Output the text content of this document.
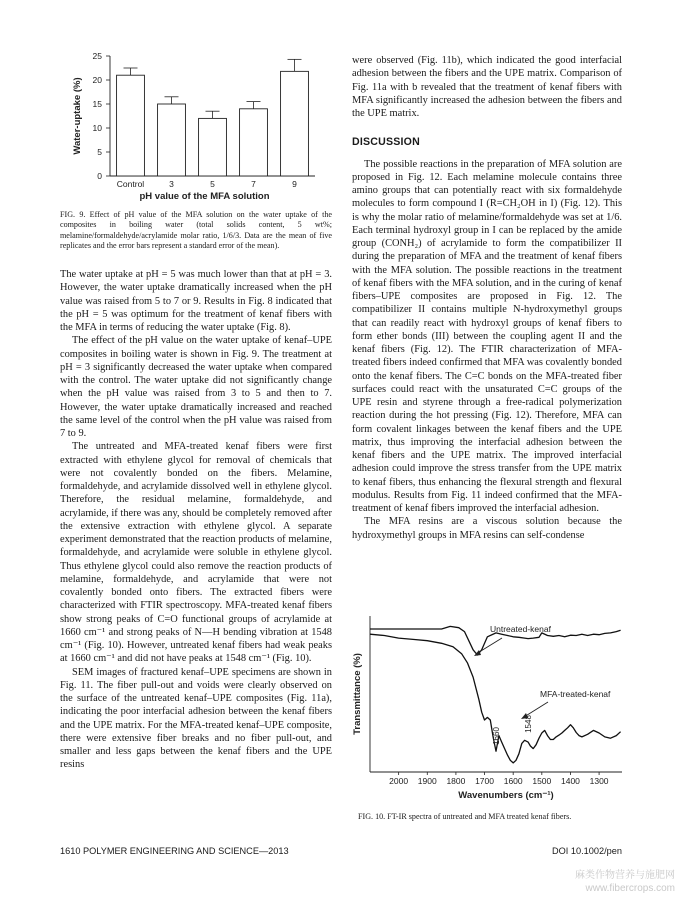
0
5
10
15
20
25
Water-uptake (%)
Control	3	5	7	9
pH value of the MFA solution
FIG. 9. Effect of pH value of the MFA solution on the water uptake of the composites in boiling water (total solids content, 5 wt%; melamine/formaldehyde/acrylamide molar ratio, 1/6/3. Data are the mean of five replicates and the error bars represent a standard error of the mean).

The water uptake at pH = 5 was much lower than that at pH = 3. However, the water uptake dramatically increased when the pH value was raised from 5 to 7 or 9. Results in Fig. 8 indicated that the pH = 5 was optimum for the treatment of kenaf fibers with the MFA in terms of reducing the water uptake (Fig. 8).

The effect of the pH value on the water uptake of kenaf–UPE composites in boiling water is shown in Fig. 9. The treatment at pH = 3 significantly decreased the water uptake when compared with the control. The water uptake did not significantly change when the pH value was raised from 3 to 5 and then to 7. However, the water uptake dramatically increased and reached the same level of the control when the pH value was raised from 7 to 9.

The untreated and MFA-treated kenaf fibers were first extracted with ethylene glycol for removal of chemicals that were not covalently bonded on the fibers. Melamine, formaldehyde, and acrylamide dissolved well in ethylene glycol. Therefore, the residual melamine, formaldehyde, and acrylamide, if there was any, should be completely removed after the extensive extraction with ethylene glycol. A separate experiment demonstrated that the reaction products of melamine, formaldehyde, and acrylamide were soluble in ethylene glycol. Thus ethylene glycol could also remove the reaction products of melamine, formaldehyde, and acrylamide that were not covalently bonded onto fibers. The extracted fibers were characterized with FTIR spectroscopy. MFA-treated kenaf fibers show strong peaks of C=O functional groups of acrylamide at 1660 cm⁻¹ and strong peaks of N—H bending vibration at 1548 cm⁻¹ (Fig. 10). However, untreated kenaf fibers had weak peaks at 1660 cm⁻¹ and did not have peaks at 1548 cm⁻¹ (Fig. 10).

SEM images of fractured kenaf–UPE specimens are shown in Fig. 11. The fiber pull-out and voids were clearly observed on the surface of the untreated kenaf–UPE composites (Fig. 11a), indicating the poor interfacial adhesion between the kenaf fibers and the UPE matrix. For the MFA-treated kenaf–UPE composite, there were extensive fiber breaks and no fiber pull-out, and smaller and less gaps between the kenaf fibers and the UPE resins

were observed (Fig. 11b), which indicated the good interfacial adhesion between the fibers and the UPE matrix. Comparison of Fig. 11a with b revealed that the treatment of kenaf fibers with MFA significantly increased the adhesion between the fibers and the UPE matrix.

DISCUSSION

The possible reactions in the preparation of MFA solution are proposed in Fig. 12. Each melamine molecule contains three amino groups that can potentially react with six formaldehyde molecules to form compound I (R=CH₂OH in I) (Fig. 12). This is why the molar ratio of melamine/formaldehyde was set at 1/6. Each terminal hydroxyl group in I can be replaced by the amide group (CONH₂) of acrylamide to form the compatibilizer II during the preparation of MFA and the treatment of kenaf fibers with the MFA solution. The possible reactions in the treatment of kenaf fibers with the MFA solution, and in the curing of kenaf fibers–UPE composites are proposed in Fig. 12. The compatibilizer II contains multiple N-hydroxymethyl groups that can readily react with hydroxyl groups of kenaf fibers to form ether bonds (III) between the coupling agent II and the kenaf fibers (Fig. 12). The FTIR characterization of MFA-treated fibers indeed confirmed that MFA was covalently bonded onto the kenaf fibers. The C=C bonds on the MFA-treated fiber surfaces could react with the unsaturated C=C groups of the UPE resin and styrene through a free-radical polymerization reaction during the hot pressing (Fig. 12). Therefore, MFA can form covalent linkages between the kenaf fibers and the UPE matrix, thus improving the interfacial adhesion between the kenaf fibers and the UPE matrix. The improved interfacial adhesion could improve the stress transfer from the UPE matrix to kenaf fibers, thus enhancing the flexural strength and flexural modulus. Results from Fig. 11 indeed confirmed that the MFA-treatment of kenaf fibers improved the interfacial adhesion.

The MFA resins are a viscous solution because the hydroxymethyl groups in MFA resins can self-condense

Transmittance (%)
2000 1900 1800 1700 1600 1500 1400 1300
Wavenumbers (cm⁻¹)
Untreated-kenaf
MFA-treated-kenaf
1660
1548
FIG. 10. FT-IR spectra of untreated and MFA treated kenaf fibers.
1610 POLYMER ENGINEERING AND SCIENCE—2013	DOI 10.1002/pen
麻类作物营养与施肥网 www.fibercrops.com
